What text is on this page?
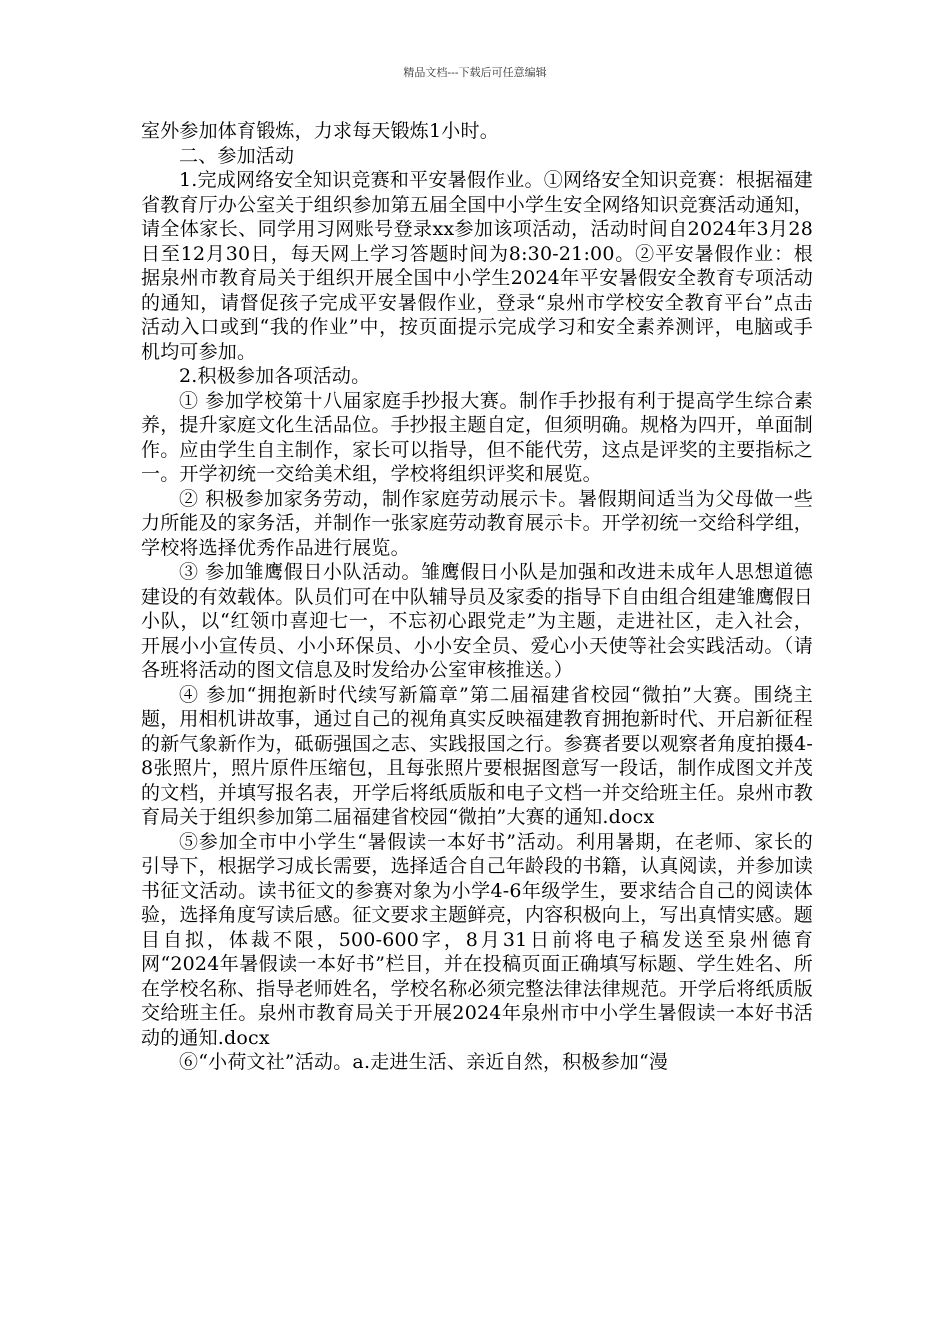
精品文档---下载后可任意编辑

室外参加体育锻炼，力求每天锻炼1小时。

二、参加活动

1.完成网络安全知识竞赛和平安暑假作业。①网络安全知识竞赛：根据福建省教育厅办公室关于组织参加第五届全国中小学生安全网络知识竞赛活动通知，请全体家长、同学用习网账号登录xx参加该项活动，活动时间自2024年3月28日至12月30日，每天网上学习答题时间为8:30-21:00。②平安暑假作业：根据泉州市教育局关于组织开展全国中小学生2024年平安暑假安全教育专项活动的通知，请督促孩子完成平安暑假作业，登录“泉州市学校安全教育平台”点击活动入口或到“我的作业”中，按页面提示完成学习和安全素养测评，电脑或手机均可参加。

2.积极参加各项活动。

① 参加学校第十八届家庭手抄报大赛。制作手抄报有利于提高学生综合素养，提升家庭文化生活品位。手抄报主题自定，但须明确。规格为四开，单面制作。应由学生自主制作，家长可以指导，但不能代劳，这点是评奖的主要指标之一。开学初统一交给美术组，学校将组织评奖和展览。

② 积极参加家务劳动，制作家庭劳动展示卡。暑假期间适当为父母做一些力所能及的家务活，并制作一张家庭劳动教育展示卡。开学初统一交给科学组，学校将选择优秀作品进行展览。

③ 参加雏鹰假日小队活动。雏鹰假日小队是加强和改进未成年人思想道德建设的有效载体。队员们可在中队辅导员及家委的指导下自由组合组建雏鹰假日小队，以“红领巾喜迎七一，不忘初心跟党走”为主题，走进社区，走入社会，开展小小宣传员、小小环保员、小小安全员、爱心小天使等社会实践活动。（请各班将活动的图文信息及时发给办公室审核推送。）

④ 参加“拥抱新时代续写新篇章”第二届福建省校园“微拍”大赛。围绕主题，用相机讲故事，通过自己的视角真实反映福建教育拥抱新时代、开启新征程的新气象新作为，砥砺强国之志、实践报国之行。参赛者要以观察者角度拍摄4-8张照片，照片原件压缩包，且每张照片要根据图意写一段话，制作成图文并茂的文档，并填写报名表，开学后将纸质版和电子文档一并交给班主任。泉州市教育局关于组织参加第二届福建省校园“微拍”大赛的通知.docx

⑤参加全市中小学生“暑假读一本好书”活动。利用暑期，在老师、家长的引导下，根据学习成长需要，选择适合自己年龄段的书籍，认真阅读，并参加读书征文活动。读书征文的参赛对象为小学4-6年级学生，要求结合自己的阅读体验，选择角度写读后感。征文要求主题鲜亮，内容积极向上，写出真情实感。题目自拟，体裁不限，500-600字，8月31日前将电子稿发送至泉州德育网“2024年暑假读一本好书”栏目，并在投稿页面正确填写标题、学生姓名、所在学校名称、指导老师姓名，学校名称必须完整法律法律规范。开学后将纸质版交给班主任。泉州市教育局关于开展2024年泉州市中小学生暑假读一本好书活动的通知.docx

⑥“小荷文社”活动。a.走进生活、亲近自然，积极参加“漫
